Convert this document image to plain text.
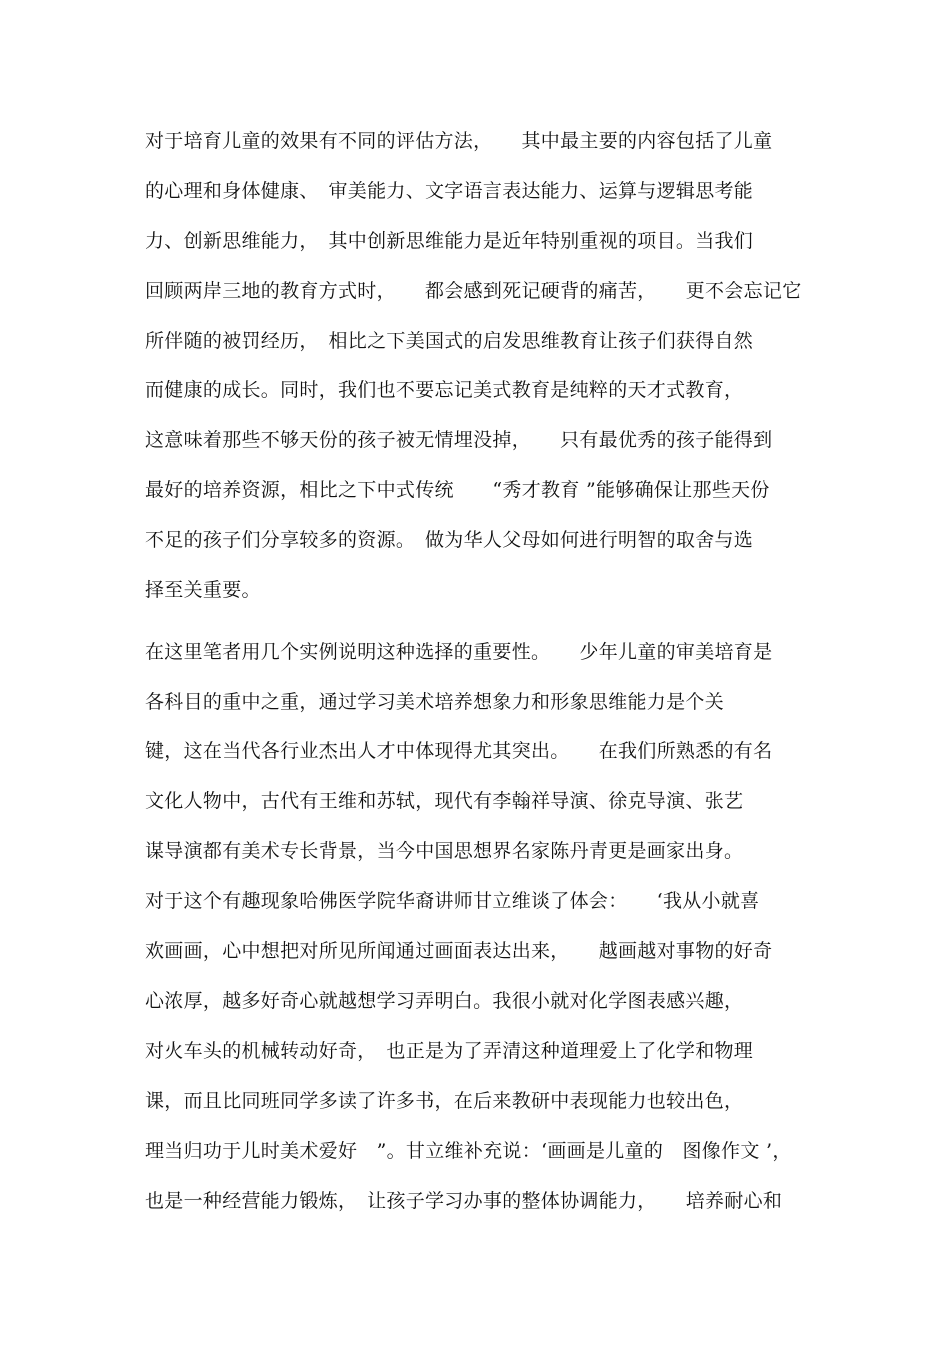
对于培育儿童的效果有不同的评估方法，　　其中最主要的内容包括了儿童
的心理和身体健康、　审美能力、文字语言表达能力、运算与逻辑思考能
力、创新思维能力，　其中创新思维能力是近年特别重视的项目。当我们
回顾两岸三地的教育方式时，　　都会感到死记硬背的痛苦，　　更不会忘记它
所伴随的被罚经历，　相比之下美国式的启发思维教育让孩子们获得自然
而健康的成长。同时，我们也不要忘记美式教育是纯粹的天才式教育，
这意味着那些不够天份的孩子被无情埋没掉，　　只有最优秀的孩子能得到
最好的培养资源，相比之下中式传统　　“秀才教育 ”能够确保让那些天份
不足的孩子们分享较多的资源。　做为华人父母如何进行明智的取舍与选
择至关重要。
在这里笔者用几个实例说明这种选择的重要性。　　少年儿童的审美培育是
各科目的重中之重，通过学习美术培养想象力和形象思维能力是个关
键，这在当代各行业杰出人才中体现得尤其突出。　　在我们所熟悉的有名
文化人物中，古代有王维和苏轼，现代有李翰祥导演、徐克导演、张艺
谋导演都有美术专长背景，当今中国思想界名家陈丹青更是画家出身。
对于这个有趣现象哈佛医学院华裔讲师甘立维谈了体会：　　‘我从小就喜
欢画画，心中想把对所见所闻通过画面表达出来，　　越画越对事物的好奇
心浓厚，越多好奇心就越想学习弄明白。我很小就对化学图表感兴趣，
对火车头的机械转动好奇，　也正是为了弄清这种道理爱上了化学和物理
课，而且比同班同学多读了许多书，在后来教研中表现能力也较出色，
理当归功于儿时美术爱好　”。甘立维补充说：‘画画是儿童的　图像作文 ’，
也是一种经营能力锻炼，　让孩子学习办事的整体协调能力，　　培养耐心和
